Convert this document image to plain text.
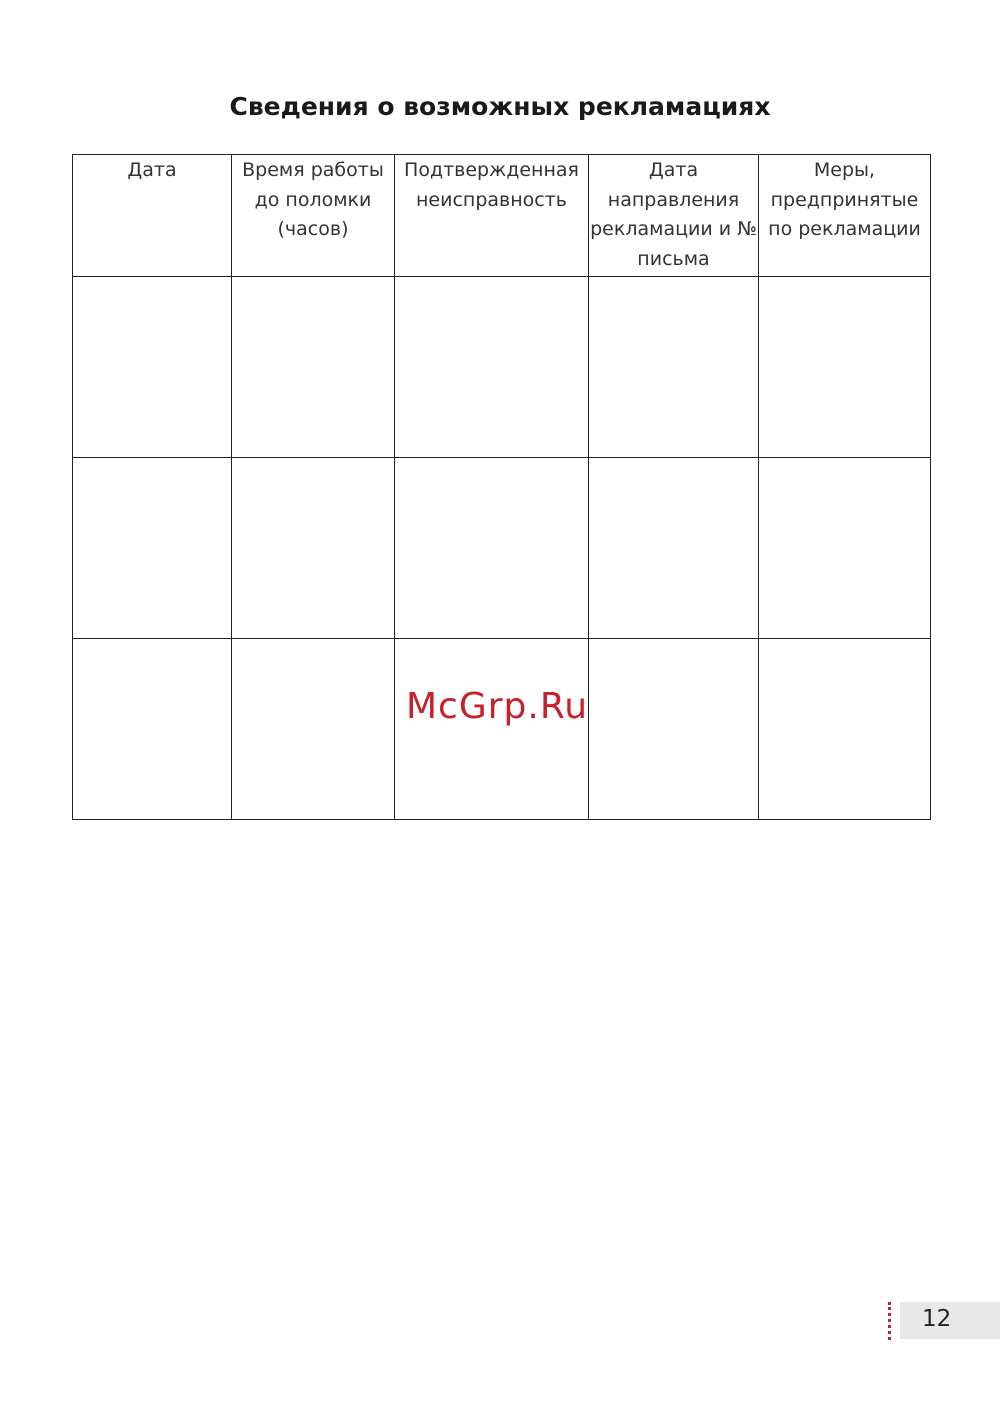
Сведения о возможных рекламациях
Дата	Время работы до поломки (часов)	Подтвержденная неисправность	Дата направления рекламации и № письма	Меры, предпринятые по рекламации

McGrp.Ru
12
